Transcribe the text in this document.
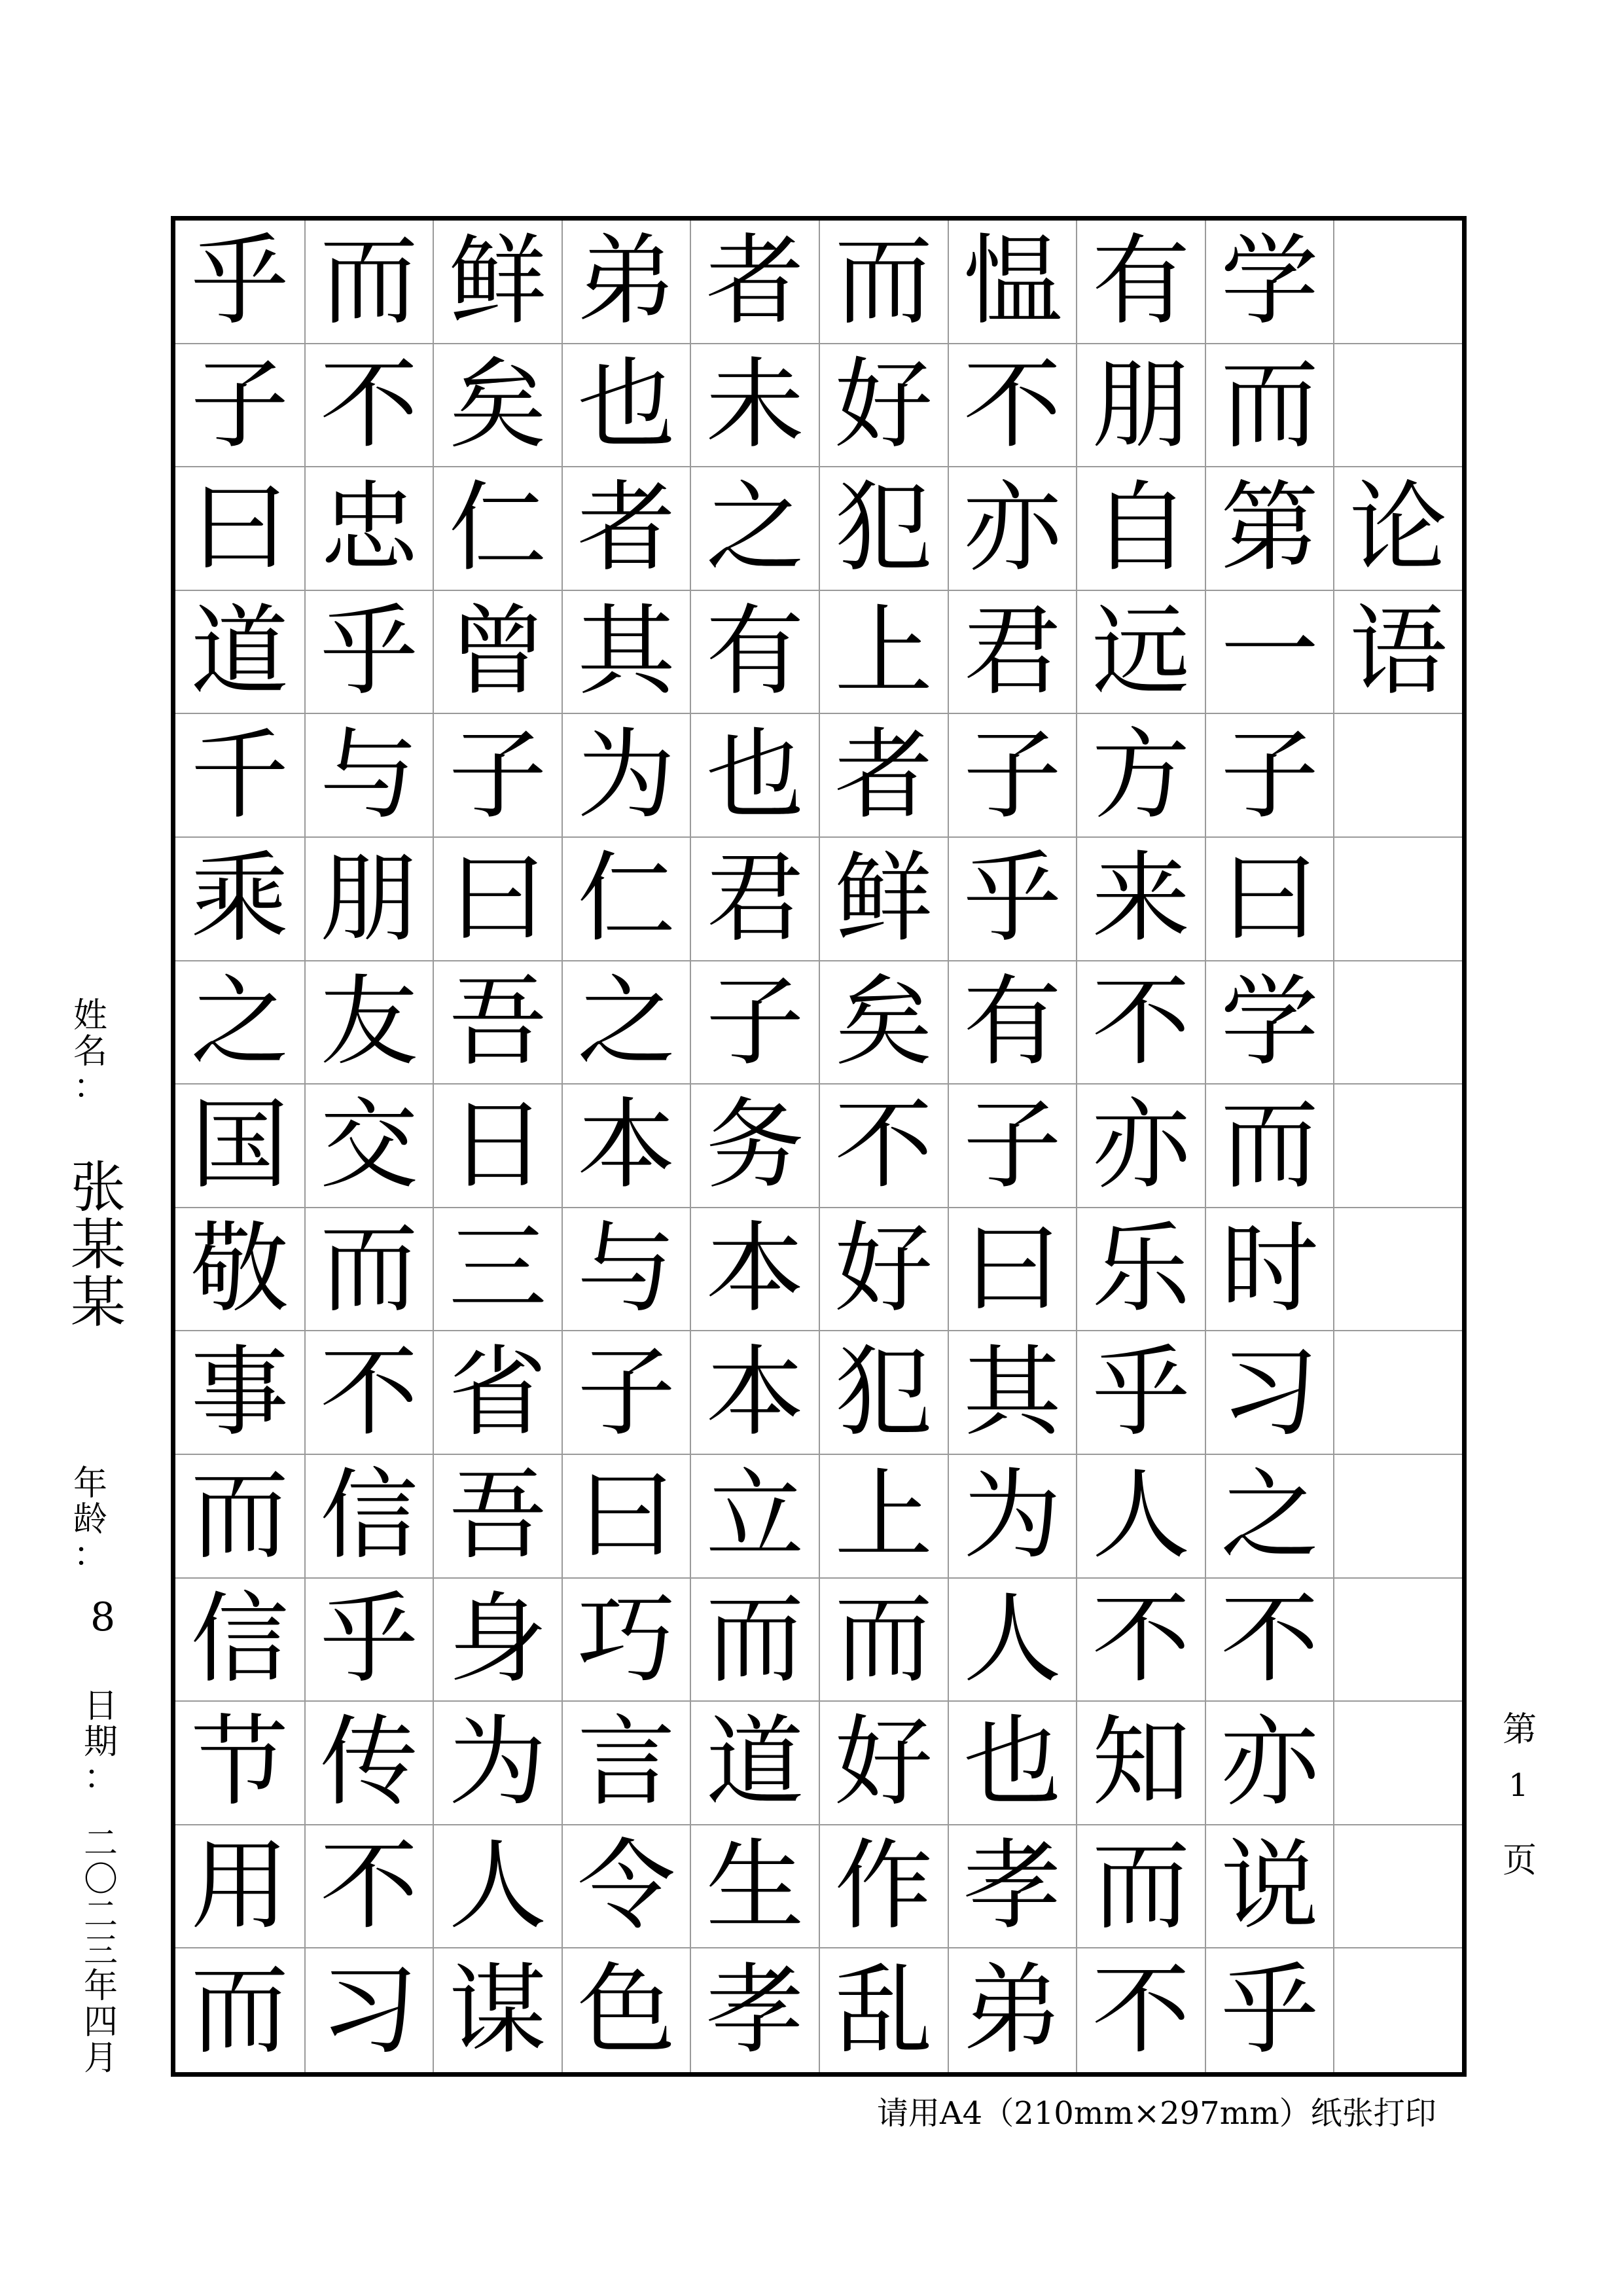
论
语
学
而
第
一
子
曰
学
而
时
习
之
不
亦
说
乎
有
朋
自
远
方
来
不
亦
乐
乎
人
不
知
而
不
愠
不
亦
君
子
乎
有
子
曰
其
为
人
也
孝
弟
而
好
犯
上
者
鲜
矣
不
好
犯
上
而
好
作
乱
者
未
之
有
也
君
子
务
本
本
立
而
道
生
孝
弟
也
者
其
为
仁
之
本
与
子
曰
巧
言
令
色
鲜
矣
仁
曾
子
曰
吾
日
三
省
吾
身
为
人
谋
而
不
忠
乎
与
朋
友
交
而
不
信
乎
传
不
习
乎
子
曰
道
千
乘
之
国
敬
事
而
信
节
用
而
姓
名
：
张
某
某
年
龄
：
8
日
期
：
二
〇
二
三
年
四
月
第
1
页
请用A4（210mm×297mm）纸张打印
